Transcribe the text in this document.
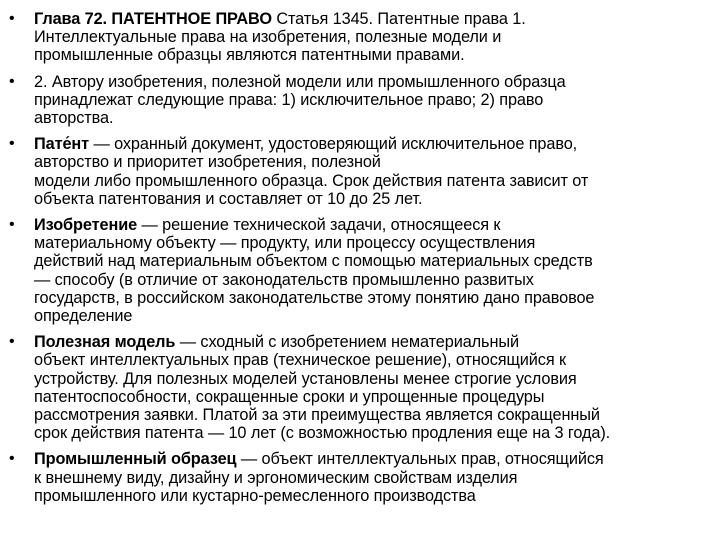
• Глава 72. ПАТЕНТНОЕ ПРАВО Статья 1345. Патентные права 1.
Интеллектуальные права на изобретения, полезные модели и
промышленные образцы являются патентными правами.
• 2. Автору изобретения, полезной модели или промышленного образца
принадлежат следующие права: 1) исключительное право; 2) право
авторства.
• Пате́нт — охранный документ, удостоверяющий исключительное право,
авторство и приоритет изобретения, полезной
модели либо промышленного образца. Срок действия патента зависит от
объекта патентования и составляет от 10 до 25 лет.
• Изобретение — решение технической задачи, относящееся к
материальному объекту — продукту, или процессу осуществления
действий над материальным объектом с помощью материальных средств
— способу (в отличие от законодательств промышленно развитых
государств, в российском законодательстве этому понятию дано правовое
определение
• Полезная модель — сходный с изобретением нематериальный
объект интеллектуальных прав (техническое решение), относящийся к
устройству. Для полезных моделей установлены менее строгие условия
патентоспособности, сокращенные сроки и упрощенные процедуры
рассмотрения заявки. Платой за эти преимущества является сокращенный
срок действия патента — 10 лет (с возможностью продления еще на 3 года).
• Промышленный образец — объект интеллектуальных прав, относящийся
к внешнему виду, дизайну и эргономическим свойствам изделия
промышленного или кустарно-ремесленного производства
